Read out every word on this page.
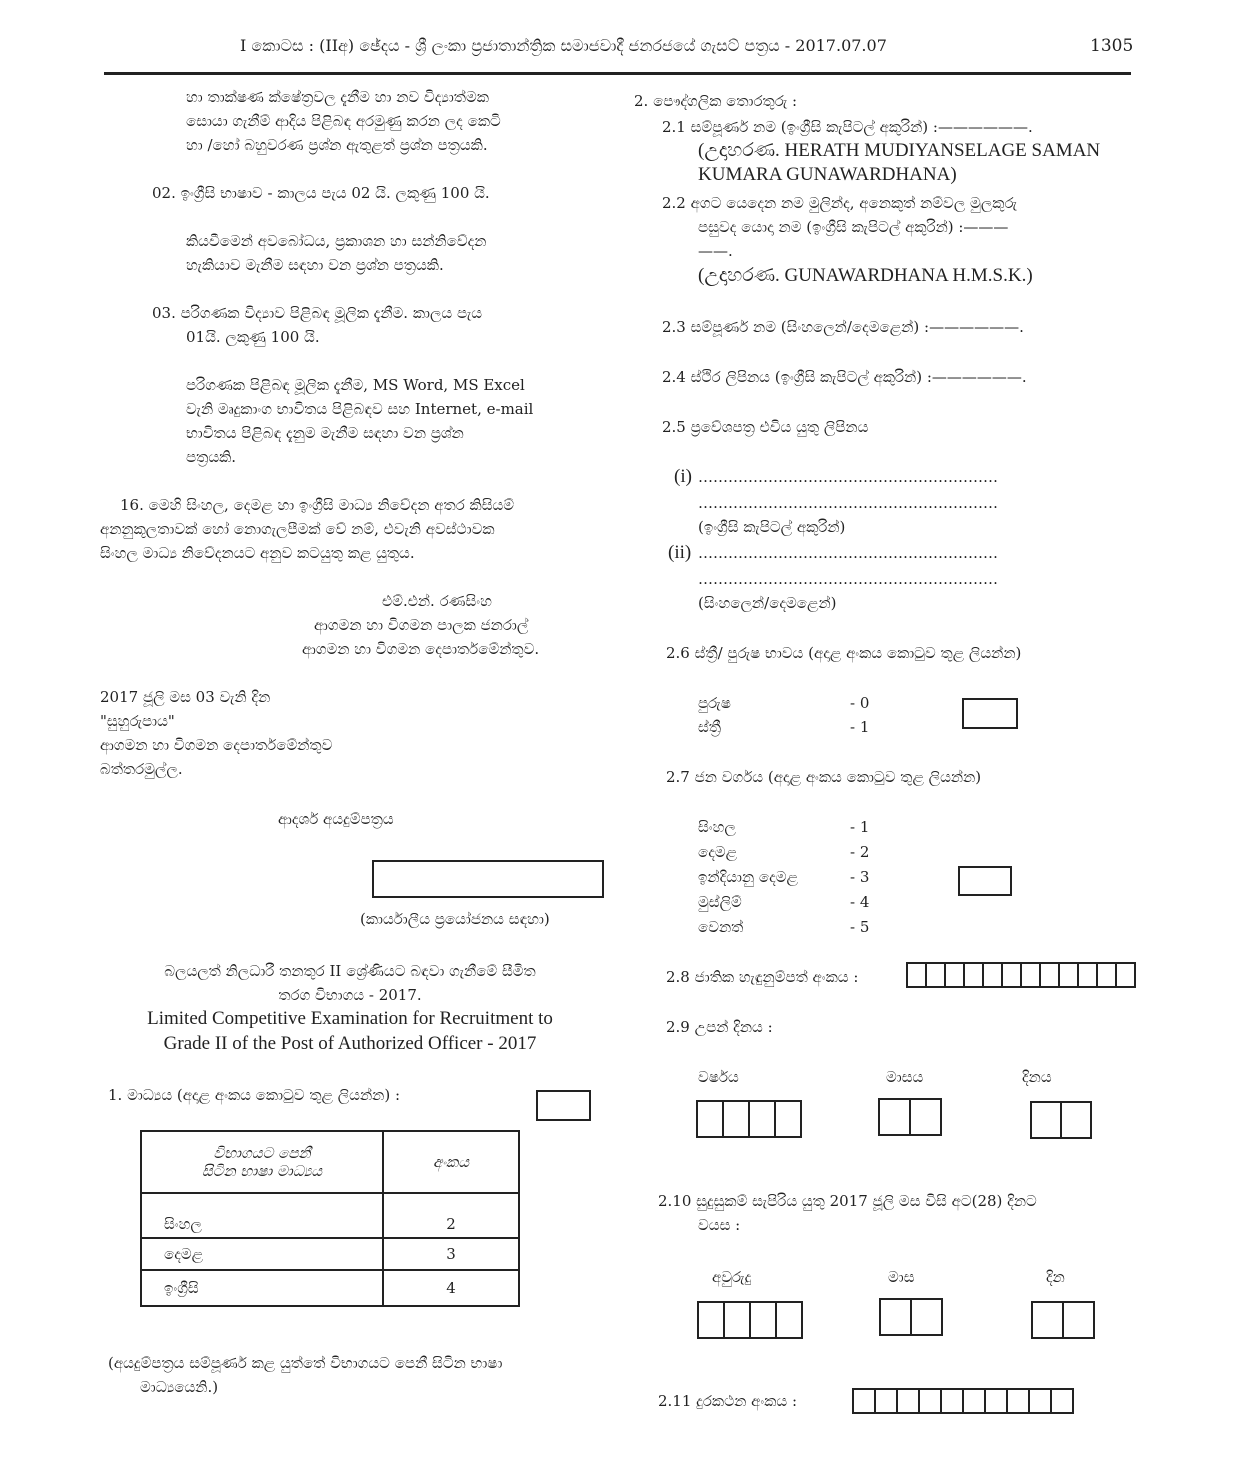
I කොටස : (IIඅ) ඡේදය - ශ්‍රී ලංකා ප්‍රජාතාන්ත්‍රික සමාජවාදී ජනරජයේ ගැසට් පත්‍රය - 2017.07.07	1305
හා තාක්ෂණ ක්ෂේත්‍රවල දැනීම හා නව විද්‍යාත්මක
සොයා ගැනීම් ආදිය පිළිබඳ අරමුණු කරන ලද කෙටි
හා /හෝ බහුවරණ ප්‍රශ්න ඇතුළත් ප්‍රශ්න පත්‍රයකි.
02. ඉංග්‍රීසි භාෂාව - කාලය පැය 02 යි. ලකුණු 100 යි.
කියවීමෙන් අවබෝධය, ප්‍රකාශන හා සන්නිවේදන
හැකියාව මැනීම සඳහා වන ප්‍රශ්න පත්‍රයකි.
03. පරිගණක විද්‍යාව පිළිබඳ මූලික දැනීම. කාලය පැය
01යි. ලකුණු 100 යි.
පරිගණක පිළිබඳ මූලික දැනීම, MS Word, MS Excel
වැනි මෘදුකාංග භාවිතය පිළිබඳව සහ Internet, e-mail
භාවිතය පිළිබඳ දැනුම මැනීම සඳහා වන ප්‍රශ්න
පත්‍රයකි.
16. මෙහි සිංහල, දෙමළ හා ඉංග්‍රීසි මාධ්‍ය නිවේදන අතර කිසියම්
අනනුකූලතාවක් හෝ නොගැලපීමක් වේ නම්, එවැනි අවස්ථාවක
සිංහල මාධ්‍ය නිවේදනයට අනුව කටයුතු කළ යුතුය.
එම්.එන්. රණසිංහ
ආගමන හා විගමන පාලක ජනරාල්
ආගමන හා විගමන දෙපාර්තමේන්තුව.
2017 ජූලි මස 03 වැනි දින
"සුහුරුපාය"
ආගමන හා විගමන දෙපාර්තමේන්තුව
බත්තරමුල්ල.
ආදර්ශ අයදුම්පත්‍රය
(කාර්යාලීය ප්‍රයෝජනය සඳහා)
බලයලත් නිලධාරී තනතුර II ශ්‍රේණියට බඳවා ගැනීමේ සීමිත
තරග විභාගය - 2017.
Limited Competitive Examination for Recruitment to
Grade II of the Post of Authorized Officer - 2017
1. මාධ්‍යය (අදාළ අංකය කොටුව තුළ ලියන්න) :
විභාගයට පෙනී
සිටින භාෂා මාධ්‍යය	අංකය
සිංහල	2
දෙමළ	3
ඉංග්‍රීසි	4
(අයදුම්පත්‍රය සම්පූර්ණ කළ යුත්තේ විභාගයට පෙනී සිටින භාෂා
මාධ්‍යයෙනි.)
2. පෞද්ගලික තොරතුරු :
2.1 සම්පූර්ණ නම (ඉංග්‍රීසි කැපිටල් අකුරින්) :——————.
(උදාහරණ. HERATH MUDIYANSELAGE SAMAN
KUMARA GUNAWARDHANA)
2.2 අගට යෙදෙන නම මුලින්ද, අනෙකුත් නම්වල මුලකුරු
පසුවද යොදා නම (ඉංග්‍රීසි කැපිටල් අකුරින්) :———
——.
(උදාහරණ. GUNAWARDHANA H.M.S.K.)
2.3 සම්පූර්ණ නම (සිංහලෙන්/දෙමළෙන්) :——————.
2.4 ස්ථිර ලිපිනය (ඉංග්‍රීසි කැපිටල් අකුරින්) :——————.
2.5 ප්‍රවේශපත්‍ර එවිය යුතු ලිපිනය
(i) ……………………………………………………
……………………………………………………
(ඉංග්‍රීසි කැපිටල් අකුරින්)
(ii) ……………………………………………………
……………………………………………………
(සිංහලෙන්/දෙමළෙන්)
2.6 ස්ත්‍රී/ පුරුෂ භාවය (අදාළ අංකය කොටුව තුළ ලියන්න)
පුරුෂ	- 0
ස්ත්‍රී	- 1
2.7 ජන වර්ගය (අදාළ අංකය කොටුව තුළ ලියන්න)
සිංහල	- 1
දෙමළ	- 2
ඉන්දියානු දෙමළ	- 3
මුස්ලිම්	- 4
වෙනත්	- 5
2.8 ජාතික හැඳුනුම්පත් අංකය :
2.9 උපන් දිනය :
වර්ෂය	මාසය	දිනය
2.10 සුදුසුකම් සැපිරිය යුතු 2017 ජූලි මස විසි අට(28) දිනට
වයස :
අවුරුදු	මාස	දින
2.11 දුරකථන අංකය :
